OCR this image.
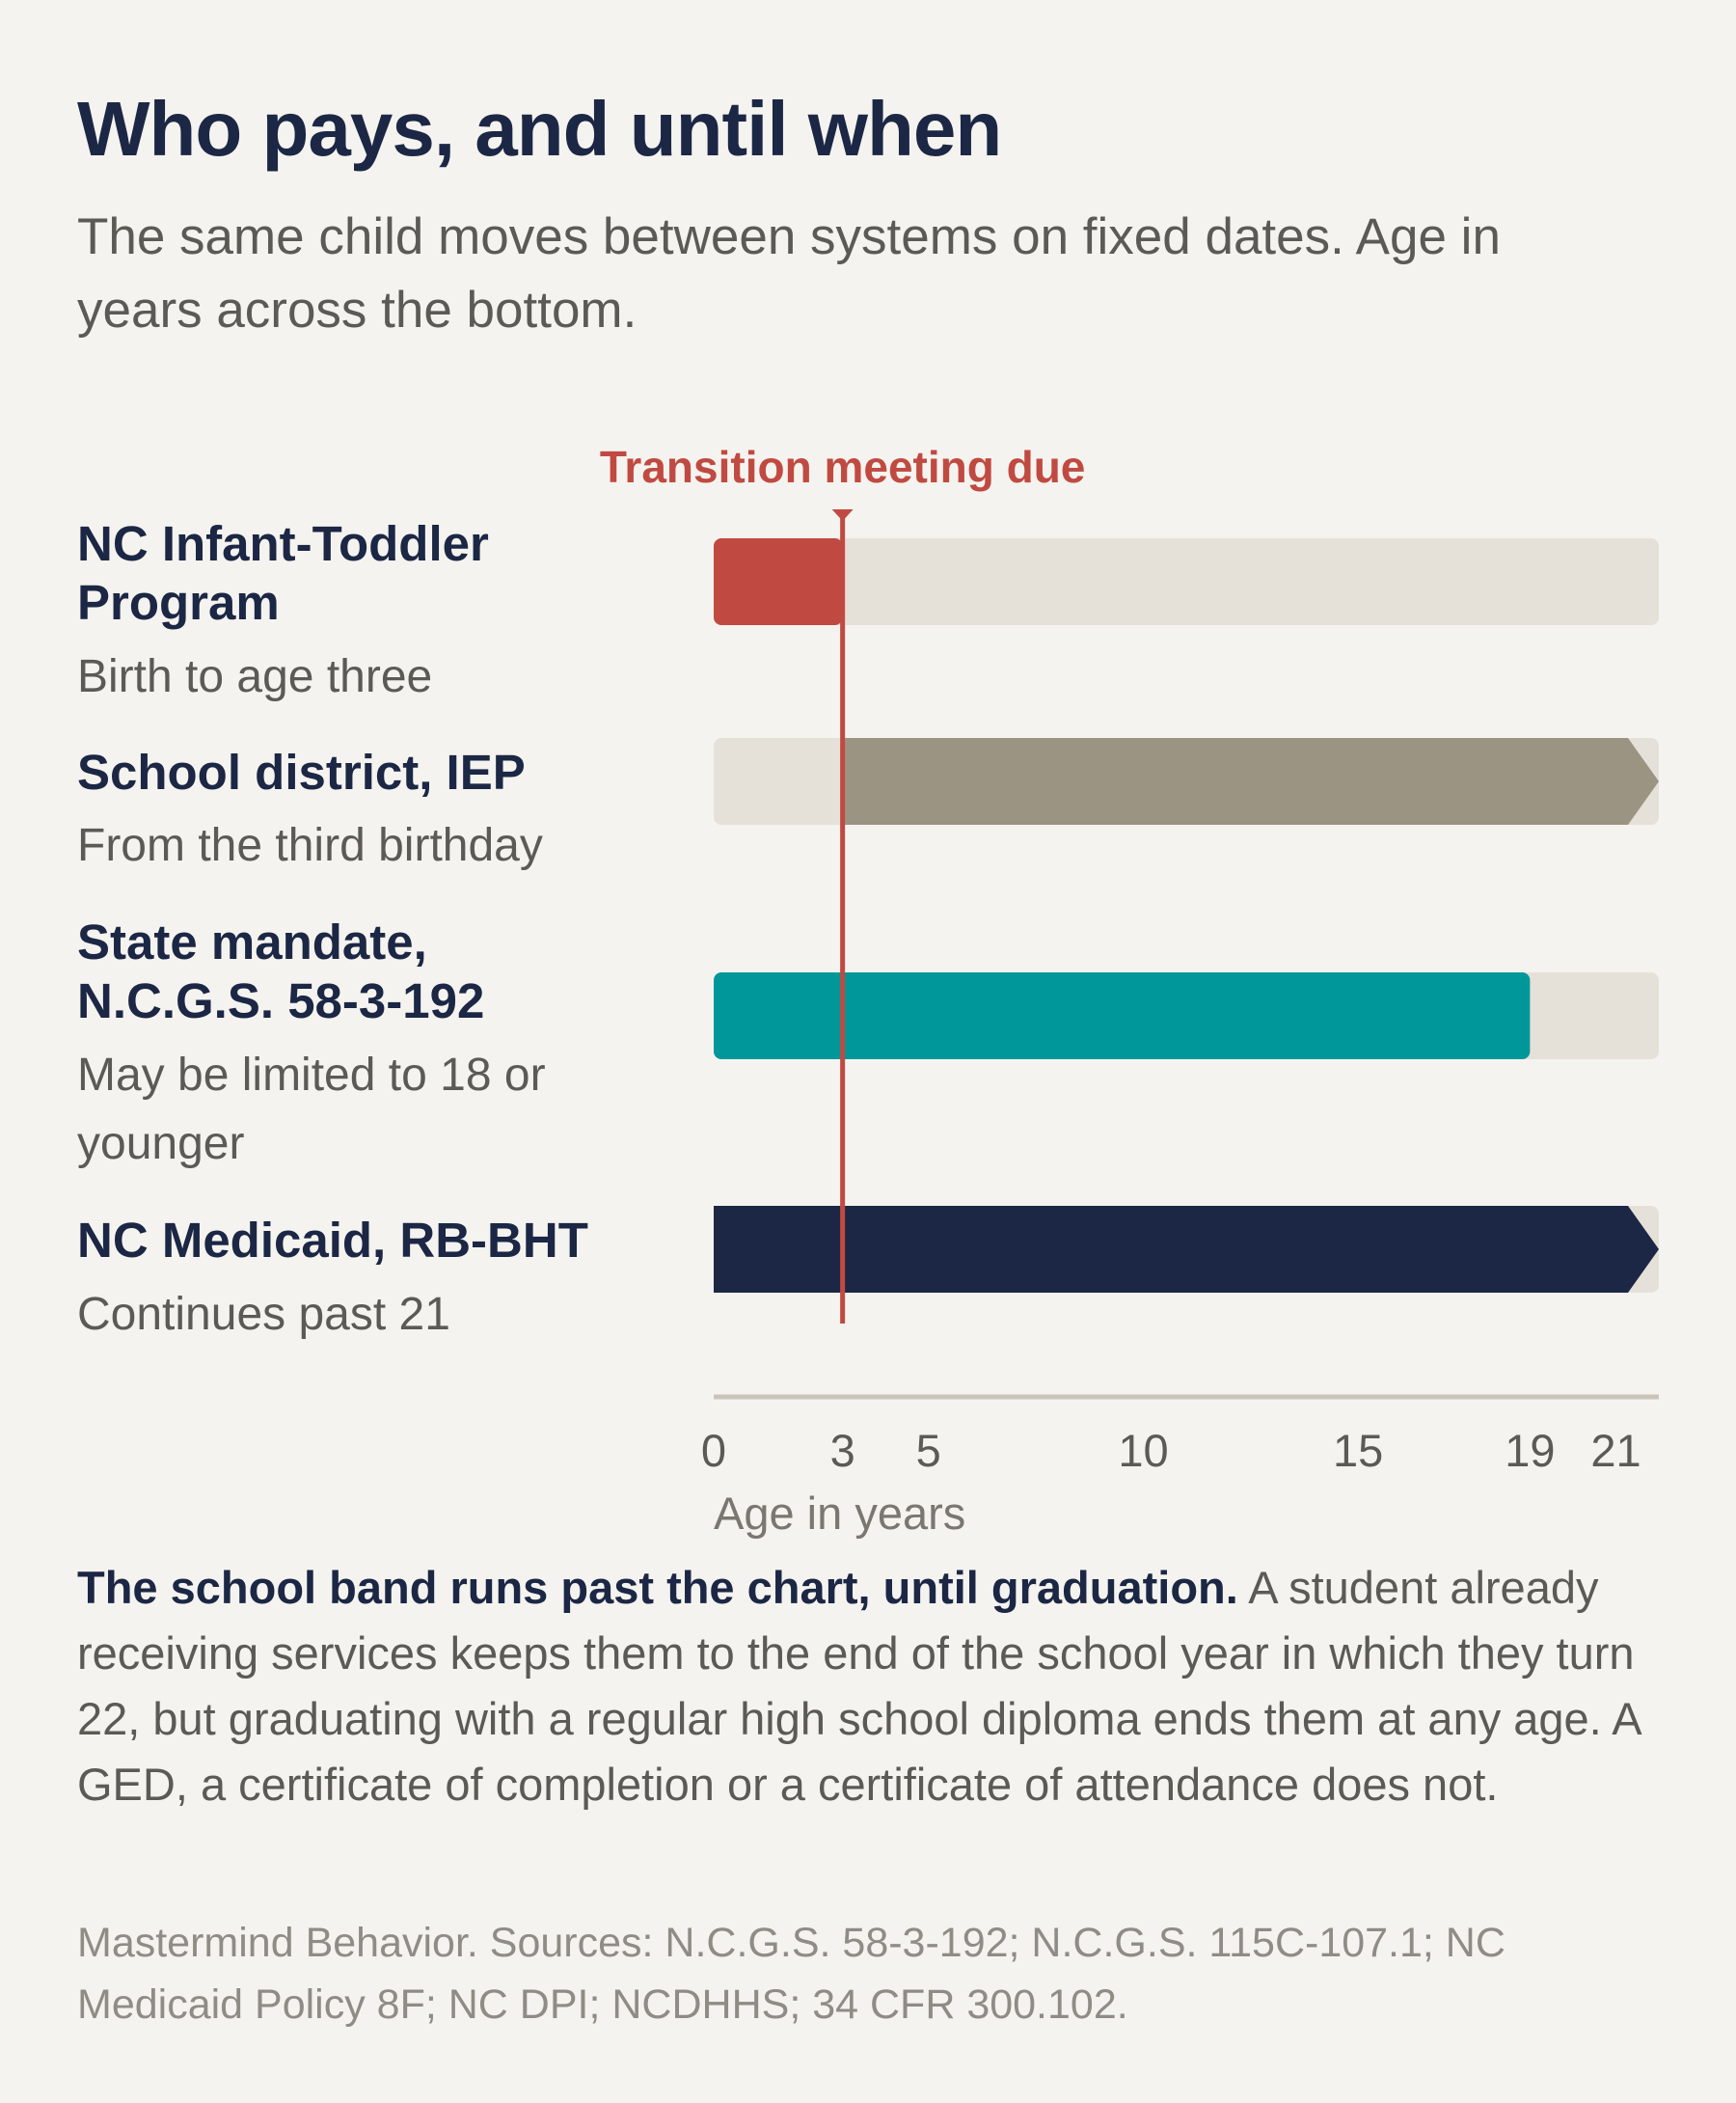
Who pays, and until when

The same child moves between systems on fixed dates. Age in years across the bottom.

NC Infant-Toddler
Program
Birth to age three
School district, IEP
From the third birthday
State mandate,
N.C.G.S. 58-3-192
May be limited to 18 or
younger
NC Medicaid, RB-BHT
Continues past 21
Transition meeting due
0 3 5	10	15	19 21
Age in years

The school band runs past the chart, until graduation. A student already receiving services keeps them to the end of the school year in which they turn 22, but graduating with a regular high school diploma ends them at any age. A GED, a certificate of completion or a certificate of attendance does not.

Mastermind Behavior. Sources: N.C.G.S. 58-3-192; N.C.G.S. 115C-107.1; NC Medicaid Policy 8F; NC DPI; NCDHHS; 34 CFR 300.102.
